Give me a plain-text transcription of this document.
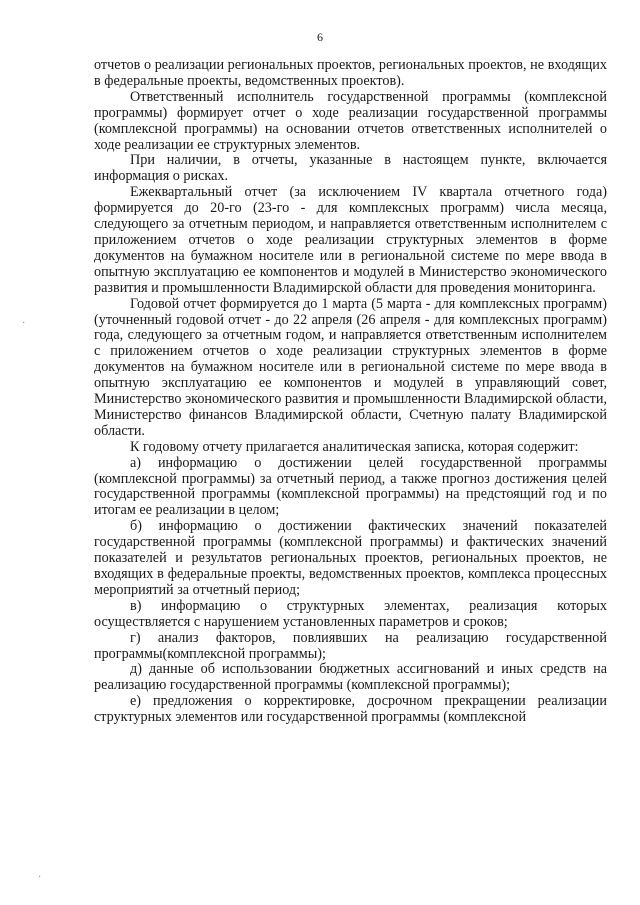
6

отчетов о реализации региональных проектов, региональных проектов, не входящих в федеральные проекты, ведомственных проектов).

Ответственный исполнитель государственной программы (комплексной программы) формирует отчет о ходе реализации государственной программы (комплексной программы) на основании отчетов ответственных исполнителей о ходе реализации ее структурных элементов.

При наличии, в отчеты, указанные в настоящем пункте, включается информация о рисках.

Ежеквартальный отчет (за исключением IV квартала отчетного года) формируется до 20-го (23-го - для комплексных программ) числа месяца, следующего за отчетным периодом, и направляется ответственным исполнителем с приложением отчетов о ходе реализации структурных элементов в форме документов на бумажном носителе или в региональной системе по мере ввода в опытную эксплуатацию ее компонентов и модулей в Министерство экономического развития и промышленности Владимирской области для проведения мониторинга.

Годовой отчет формируется до 1 марта (5 марта - для комплексных программ) (уточненный годовой отчет - до 22 апреля (26 апреля - для комплексных программ) года, следующего за отчетным годом, и направляется ответственным исполнителем с приложением отчетов о ходе реализации структурных элементов в форме документов на бумажном носителе или в региональной системе по мере ввода в опытную эксплуатацию ее компонентов и модулей в управляющий совет, Министерство экономического развития и промышленности Владимирской области, Министерство финансов Владимирской области, Счетную палату Владимирской области.

К годовому отчету прилагается аналитическая записка, которая содержит:

а) информацию о достижении целей государственной программы (комплексной программы) за отчетный период, а также прогноз достижения целей государственной программы (комплексной программы) на предстоящий год и по итогам ее реализации в целом;

б) информацию о достижении фактических значений показателей государственной программы (комплексной программы) и фактических значений показателей и результатов региональных проектов, региональных проектов, не входящих в федеральные проекты, ведомственных проектов, комплекса процессных мероприятий за отчетный период;

в) информацию о структурных элементах, реализация которых осуществляется с нарушением установленных параметров и сроков;

г) анализ факторов, повлиявших на реализацию государственной программы(комплексной программы);

д) данные об использовании бюджетных ассигнований и иных средств на реализацию государственной программы (комплексной программы);

е) предложения о корректировке, досрочном прекращении реализации структурных элементов или государственной программы (комплексной

·
·
